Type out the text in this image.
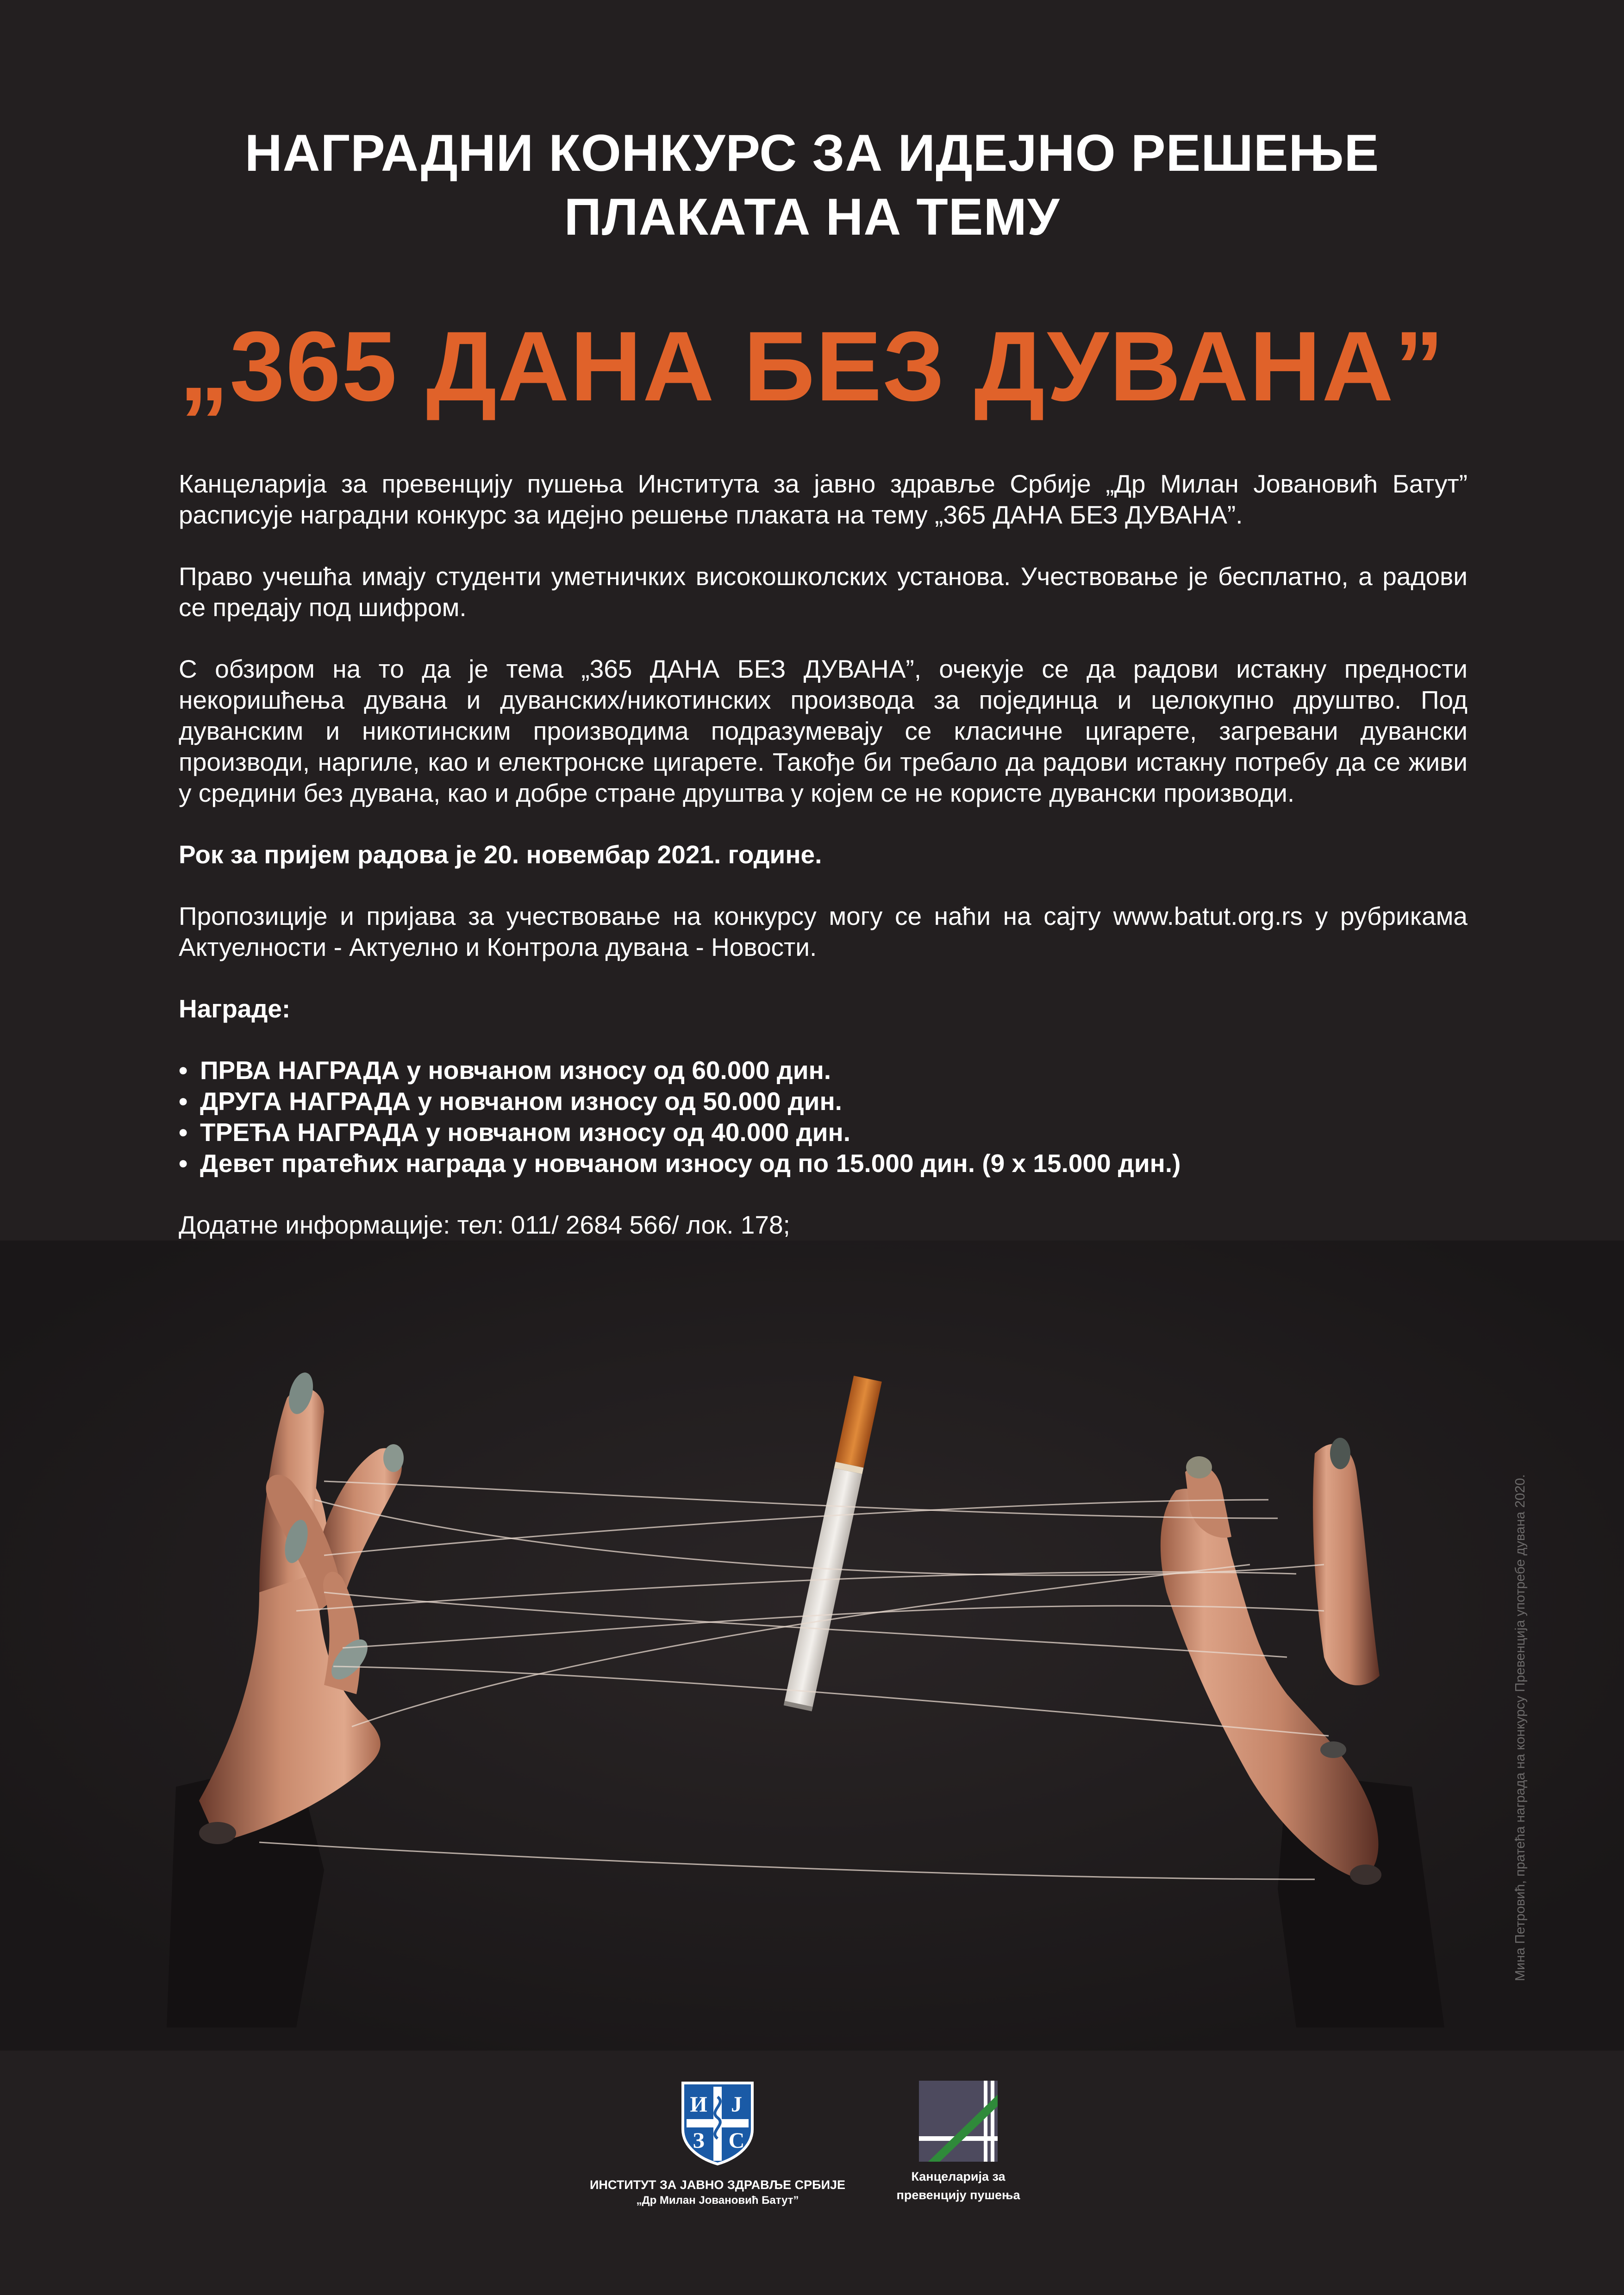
НАГРАДНИ КОНКУРС ЗА ИДЕЈНО РЕШЕЊЕ
ПЛАКАТА НА ТЕМУ
„365 ДАНА БЕЗ ДУВАНА”

Канцеларија за превенцију пушења Института за јавно здравље Србије „Др Милан Јовановић Батут” расписује наградни конкурс за идејно решење плаката на тему „365 ДАНА БЕЗ ДУВАНА”.

Право учешћа имају студенти уметничких високошколских установа. Учествовање је бесплатно, а радови се предају под шифром.

С обзиром на то да је тема „365 ДАНА БЕЗ ДУВАНА”, очекује се да радови истакну предности некоришћења дувана и дуванских/никотинских производа за појединца и целокупно друштво. Под дуванским и никотинским производима подразумевају се класичне цигарете, загревани дувански производи, наргиле, као и електронске цигарете. Такође би требало да радови истакну потребу да се живи у средини без дувана, као и добре стране друштва у којем се не користе дувански производи.

Рок за пријем радова је 20. новембар 2021. године.

Пропозиције и пријава за учествовање на конкурсу могу се наћи на сајту www.batut.org.rs у рубрикама Актуелности - Актуелно и Контрола дувана - Новости.

Награде:

• ПРВА НАГРАДА у новчаном износу од 60.000 дин.
• ДРУГА НАГРАДА у новчаном износу од 50.000 дин.
• ТРЕЋА НАГРАДА у новчаном износу од 40.000 дин.
• Девет пратећих награда у новчаном износу од по 15.000 дин. (9 x 15.000 дин.)
Додатне информације: тел: 011/ 2684 566/ лок. 178;
Мина Петровић, пратећа награда на конкурсу Превенција употребе дувана 2020.
И Ј
З С
ИНСТИТУТ ЗА ЈАВНО ЗДРАВЉЕ СРБИЈЕ
„Др Милан Јовановић Батут”
Канцеларија за
превенцију пушења
